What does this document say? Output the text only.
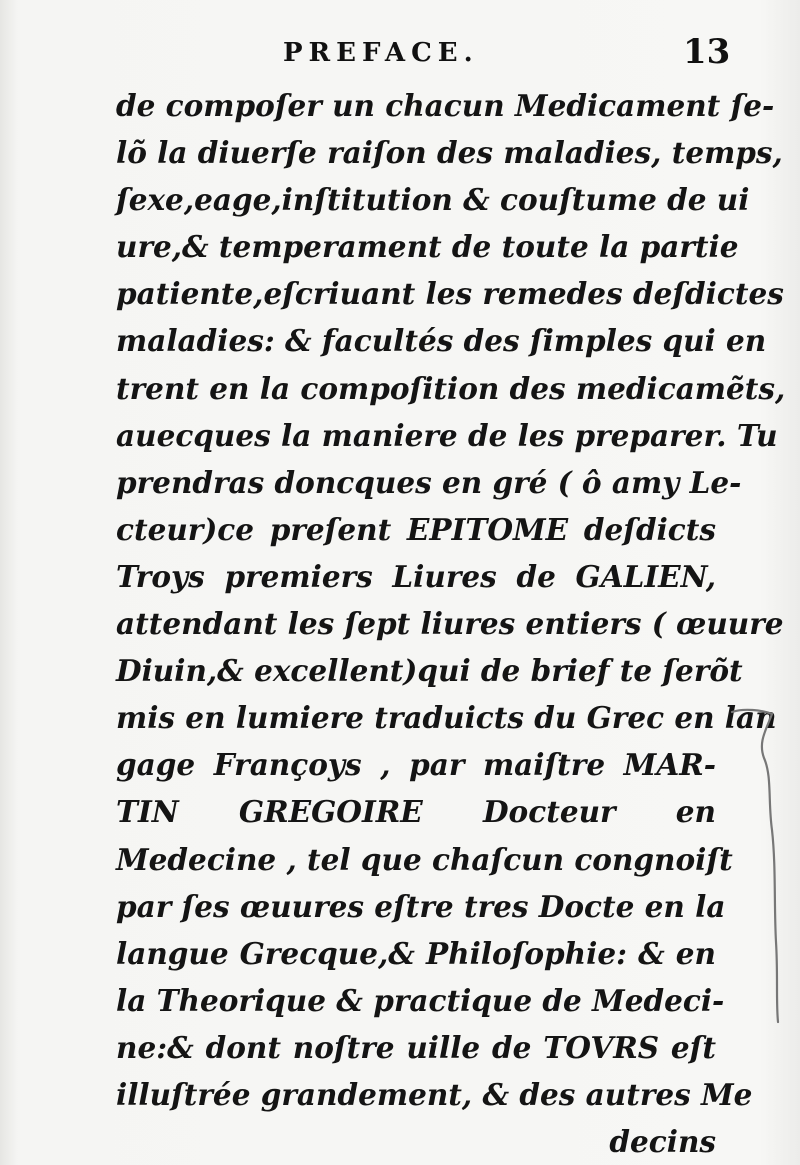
PREFACE.	13
de compoſer un chacun Medicament ſe-
lõ la diuerſe raiſon des maladies, temps,
ſexe,eage,inſtitution & couſtume de ui
ure,& temperament de toute la partie
patiente,eſcriuant les remedes deſdictes
maladies: & facultés des ſimples qui en
trent en la compoſition des medicamẽts,
auecques la maniere de les preparer. Tu
prendras doncques en gré ( ô amy Le-
cteur)ce preſent EPITOME deſdicts
Troys premiers Liures de GALIEN,
attendant les ſept liures entiers ( œuure
Diuin,& excellent)qui de brief te ſerõt
mis en lumiere traduicts du Grec en lan
gage Françoys , par maiſtre MAR-
TIN GREGOIRE Docteur en
Medecine , tel que chaſcun congnoiſt
par ſes œuures eſtre tres Docte en la
langue Grecque,& Philoſophie: & en
la Theorique & practique de Medeci-
ne:& dont noſtre uille de TOVRS eſt
illuſtrée grandement, & des autres Me
decins
